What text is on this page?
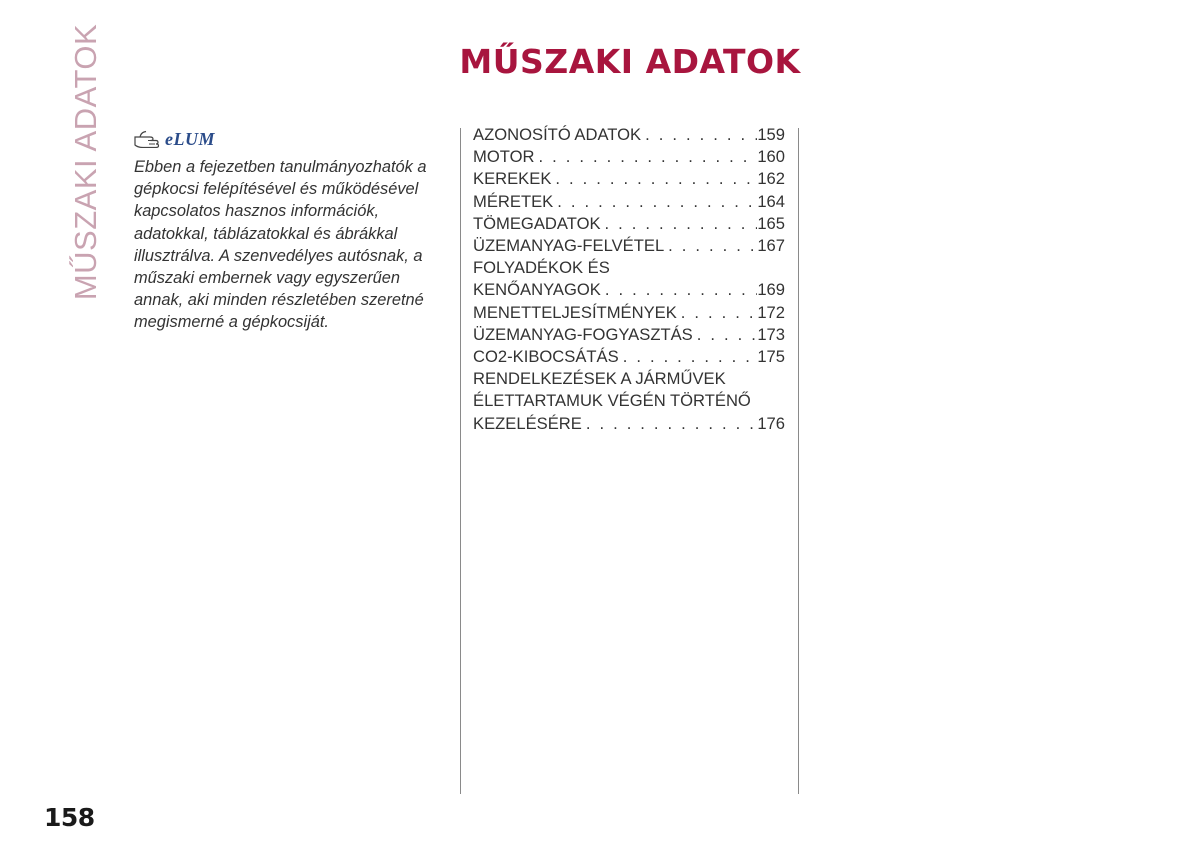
MŰSZAKI ADATOK	MŰSZAKI ADATOK
eLUM

Ebben a fejezetben tanulmányozhatók a gépkocsi felépítésével és működésével kapcsolatos hasznos információk, adatokkal, táblázatokkal és ábrákkal illusztrálva. A szenvedélyes autósnak, a műszaki embernek vagy egyszerűen annak, aki minden részletében szeretné megismerné a gépkocsiját.

AZONOSÍTÓ ADATOK . . .	159
MOTOR . . .	160
KEREKEK . . .	162
MÉRETEK . . .	164
TÖMEGADATOK . . .	165
ÜZEMANYAG-FELVÉTEL . . .	167
FOLYADÉKOK ÉS
KENŐANYAGOK . . .	169
MENETTELJESÍTMÉNYEK . . .	172
ÜZEMANYAG-FOGYASZTÁS . . .	173
CO2-KIBOCSÁTÁS . . .	175
RENDELKEZÉSEK A JÁRMŰVEK
ÉLETTARTAMUK VÉGÉN TÖRTÉNŐ
KEZELÉSÉRE . . .	176

158
